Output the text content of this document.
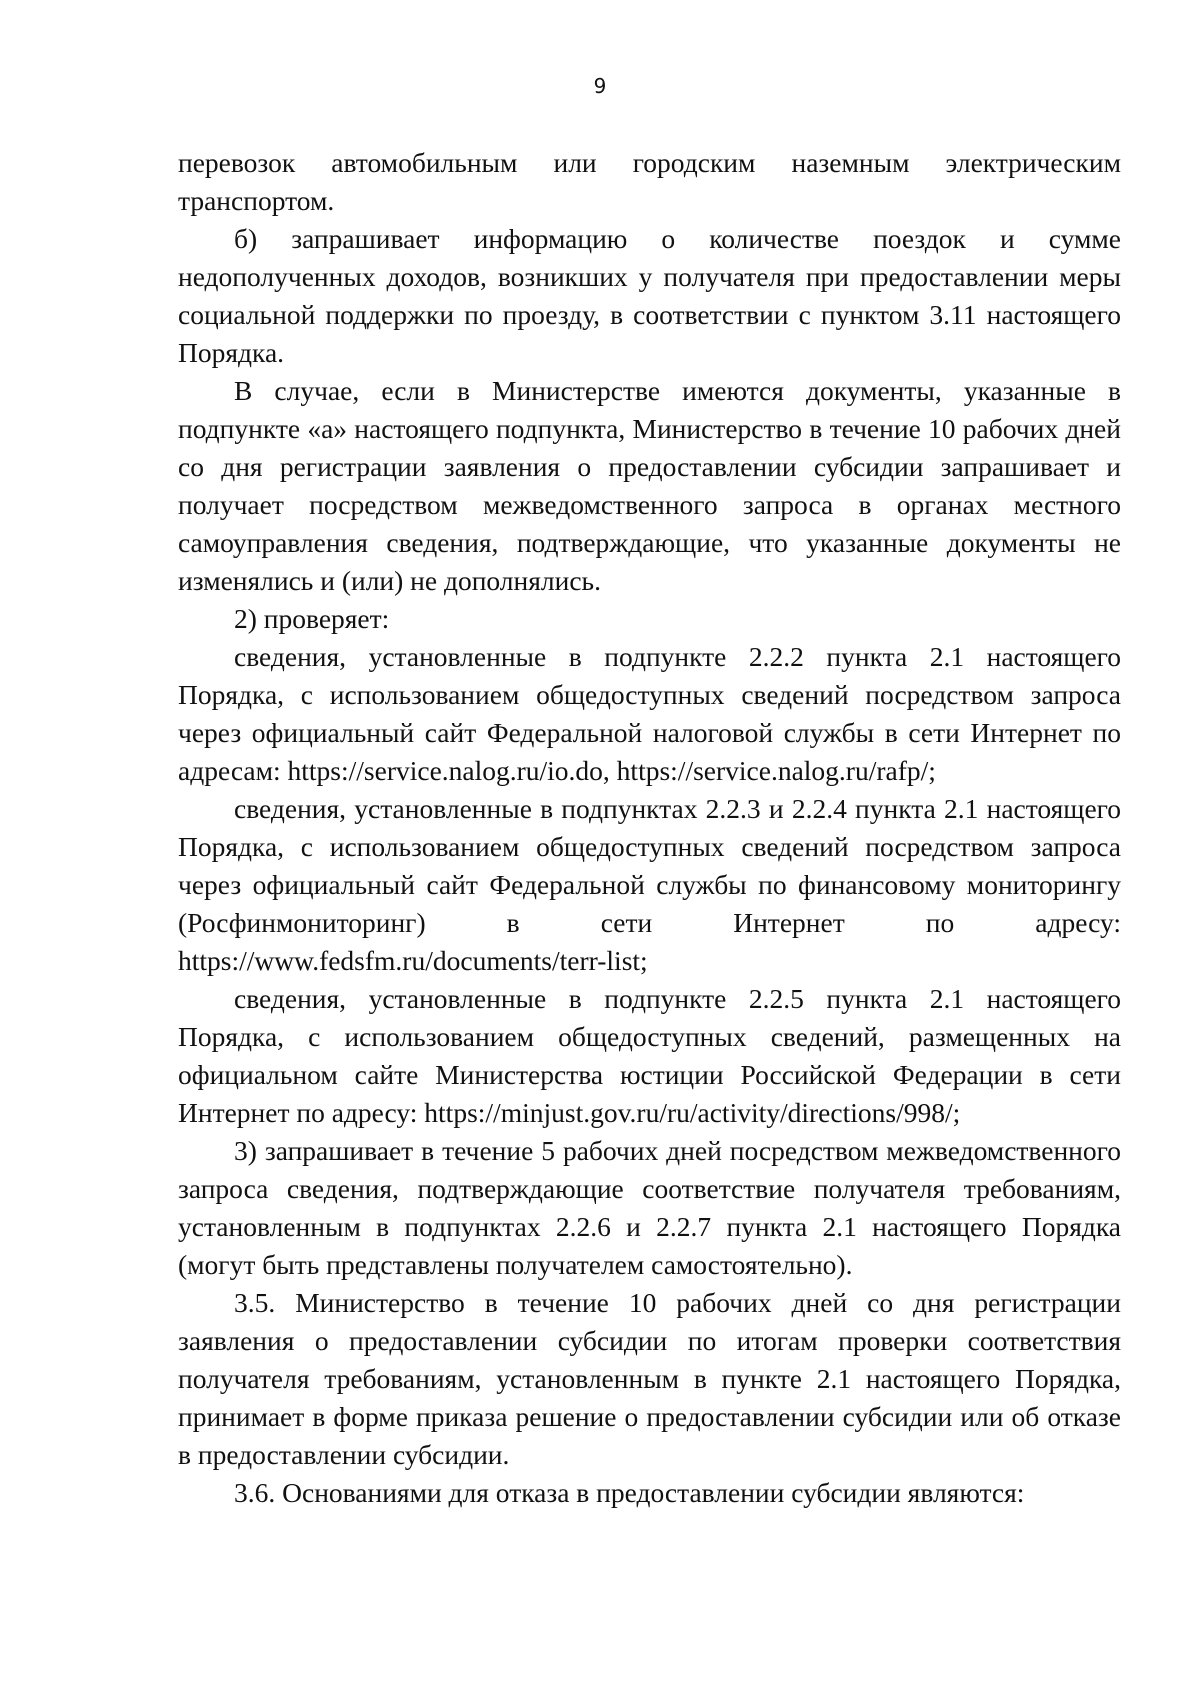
9

перевозок автомобильным или городским наземным электрическим транспортом.

б) запрашивает информацию о количестве поездок и сумме недополученных доходов, возникших у получателя при предоставлении меры социальной поддержки по проезду, в соответствии с пунктом 3.11 настоящего Порядка.

В случае, если в Министерстве имеются документы, указанные в подпункте «а» настоящего подпункта, Министерство в течение 10 рабочих дней со дня регистрации заявления о предоставлении субсидии запрашивает и получает посредством межведомственного запроса в органах местного самоуправления сведения, подтверждающие, что указанные документы не изменялись и (или) не дополнялись.

2) проверяет:

сведения, установленные в подпункте 2.2.2 пункта 2.1 настоящего Порядка, с использованием общедоступных сведений посредством запроса через официальный сайт Федеральной налоговой службы в сети Интернет по адресам: https://service.nalog.ru/io.do, https://service.nalog.ru/rafp/;

сведения, установленные в подпунктах 2.2.3 и 2.2.4 пункта 2.1 настоящего Порядка, с использованием общедоступных сведений посредством запроса через официальный сайт Федеральной службы по финансовому мониторингу (Росфинмониторинг) в сети Интернет по адресу: https://www.fedsfm.ru/documents/terr-list;

сведения, установленные в подпункте 2.2.5 пункта 2.1 настоящего Порядка, с использованием общедоступных сведений, размещенных на официальном сайте Министерства юстиции Российской Федерации в сети Интернет по адресу: https://minjust.gov.ru/ru/activity/directions/998/;

3) запрашивает в течение 5 рабочих дней посредством межведомственного запроса сведения, подтверждающие соответствие получателя требованиям, установленным в подпунктах 2.2.6 и 2.2.7 пункта 2.1 настоящего Порядка (могут быть представлены получателем самостоятельно).

3.5. Министерство в течение 10 рабочих дней со дня регистрации заявления о предоставлении субсидии по итогам проверки соответствия получателя требованиям, установленным в пункте 2.1 настоящего Порядка, принимает в форме приказа решение о предоставлении субсидии или об отказе в предоставлении субсидии.

3.6. Основаниями для отказа в предоставлении субсидии являются:
